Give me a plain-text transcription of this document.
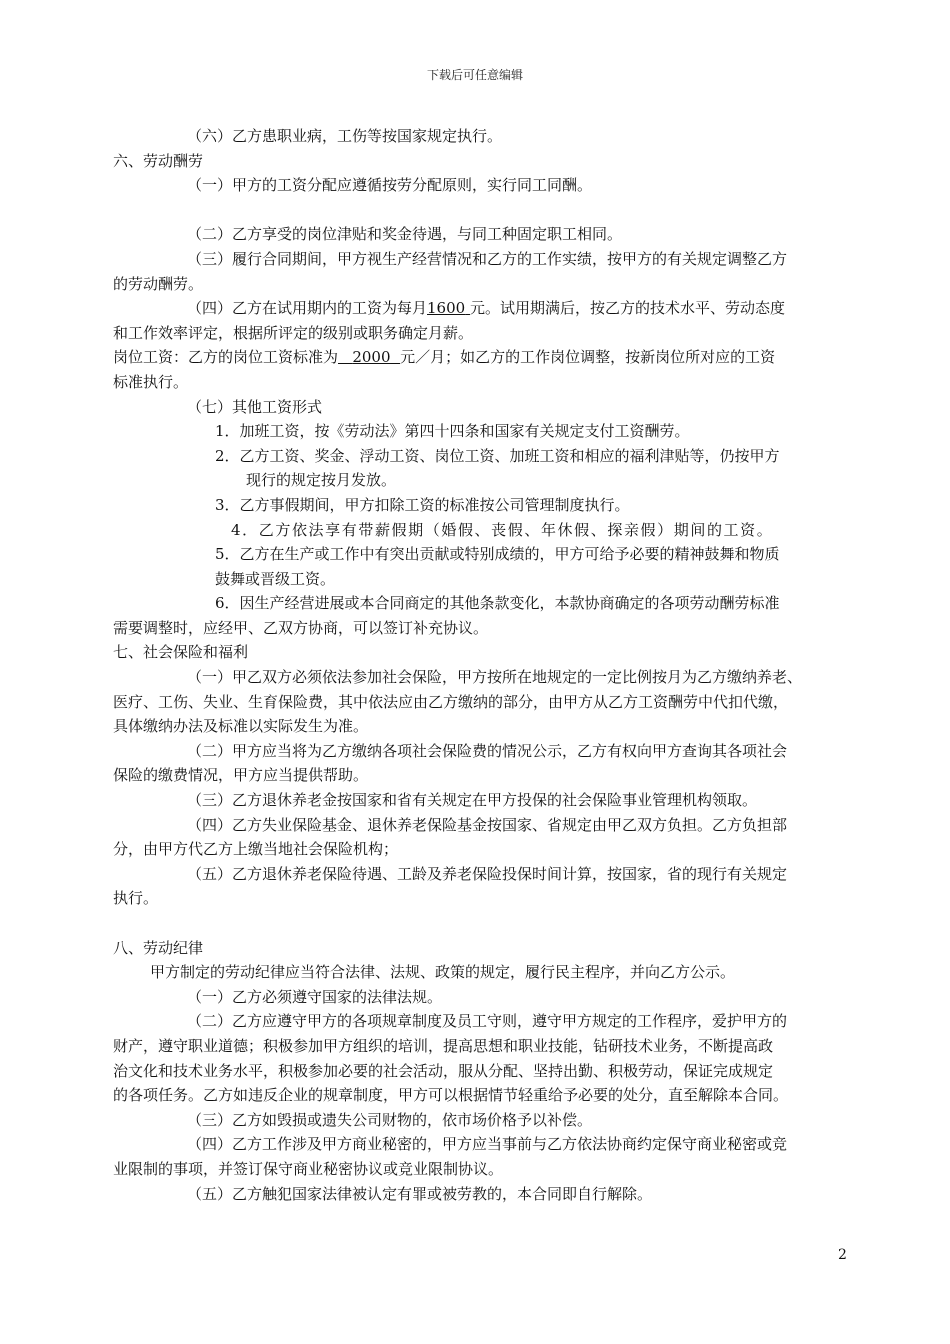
下载后可任意编辑

（六）乙方患职业病，工伤等按国家规定执行。

六、劳动酬劳

（一）甲方的工资分配应遵循按劳分配原则，实行同工同酬。

（二）乙方享受的岗位津贴和奖金待遇，与同工种固定职工相同。

（三）履行合同期间，甲方视生产经营情况和乙方的工作实绩，按甲方的有关规定调整乙方

的劳动酬劳。

（四）乙方在试用期内的工资为每月1600 元。试用期满后，按乙方的技术水平、劳动态度

和工作效率评定，根据所评定的级别或职务确定月薪。

岗位工资：乙方的岗位工资标准为 2000 元／月；如乙方的工作岗位调整，按新岗位所对应的工资

标准执行。

（七）其他工资形式

1．加班工资，按《劳动法》第四十四条和国家有关规定支付工资酬劳。

2．乙方工资、奖金、浮动工资、岗位工资、加班工资和相应的福利津贴等，仍按甲方

现行的规定按月发放。

3．乙方事假期间，甲方扣除工资的标准按公司管理制度执行。

4．乙方依法享有带薪假期（婚假、丧假、年休假、探亲假）期间的工资。

5．乙方在生产或工作中有突出贡献或特别成绩的，甲方可给予必要的精神鼓舞和物质

鼓舞或晋级工资。

6．因生产经营进展或本合同商定的其他条款变化，本款协商确定的各项劳动酬劳标准

需要调整时，应经甲、乙双方协商，可以签订补充协议。

七、社会保险和福利

（一）甲乙双方必须依法参加社会保险，甲方按所在地规定的一定比例按月为乙方缴纳养老、

医疗、工伤、失业、生育保险费，其中依法应由乙方缴纳的部分，由甲方从乙方工资酬劳中代扣代缴，

具体缴纳办法及标准以实际发生为准。

（二）甲方应当将为乙方缴纳各项社会保险费的情况公示，乙方有权向甲方查询其各项社会

保险的缴费情况，甲方应当提供帮助。

（三）乙方退休养老金按国家和省有关规定在甲方投保的社会保险事业管理机构领取。

（四）乙方失业保险基金、退休养老保险基金按国家、省规定由甲乙双方负担。乙方负担部

分，由甲方代乙方上缴当地社会保险机构；

（五）乙方退休养老保险待遇、工龄及养老保险投保时间计算，按国家，省的现行有关规定

执行。

八、劳动纪律

甲方制定的劳动纪律应当符合法律、法规、政策的规定，履行民主程序，并向乙方公示。

（一）乙方必须遵守国家的法律法规。

（二）乙方应遵守甲方的各项规章制度及员工守则，遵守甲方规定的工作程序，爱护甲方的

财产，遵守职业道德；积极参加甲方组织的培训，提高思想和职业技能，钻研技术业务，不断提高政

治文化和技术业务水平，积极参加必要的社会活动，服从分配、坚持出勤、积极劳动，保证完成规定

的各项任务。乙方如违反企业的规章制度，甲方可以根据情节轻重给予必要的处分，直至解除本合同。

（三）乙方如毁损或遗失公司财物的，依市场价格予以补偿。

（四）乙方工作涉及甲方商业秘密的，甲方应当事前与乙方依法协商约定保守商业秘密或竞

业限制的事项，并签订保守商业秘密协议或竞业限制协议。

（五）乙方触犯国家法律被认定有罪或被劳教的，本合同即自行解除。

2
